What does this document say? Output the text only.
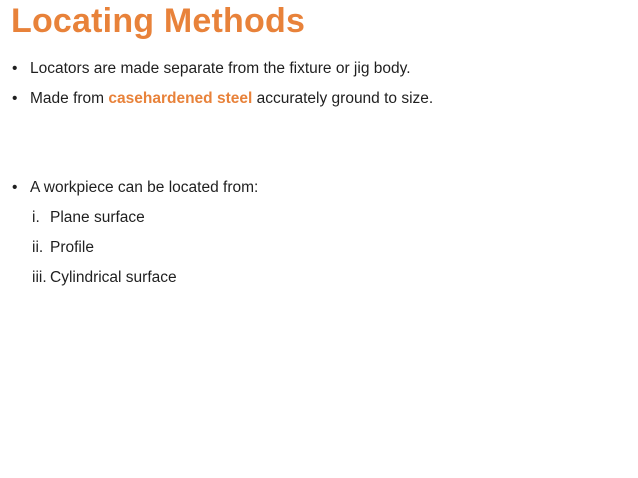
Locating Methods
• Locators are made separate from the fixture or jig body.
• Made from casehardened steel accurately ground to size.
• A workpiece can be located from:
i. Plane surface
ii. Profile
iii. Cylindrical surface
